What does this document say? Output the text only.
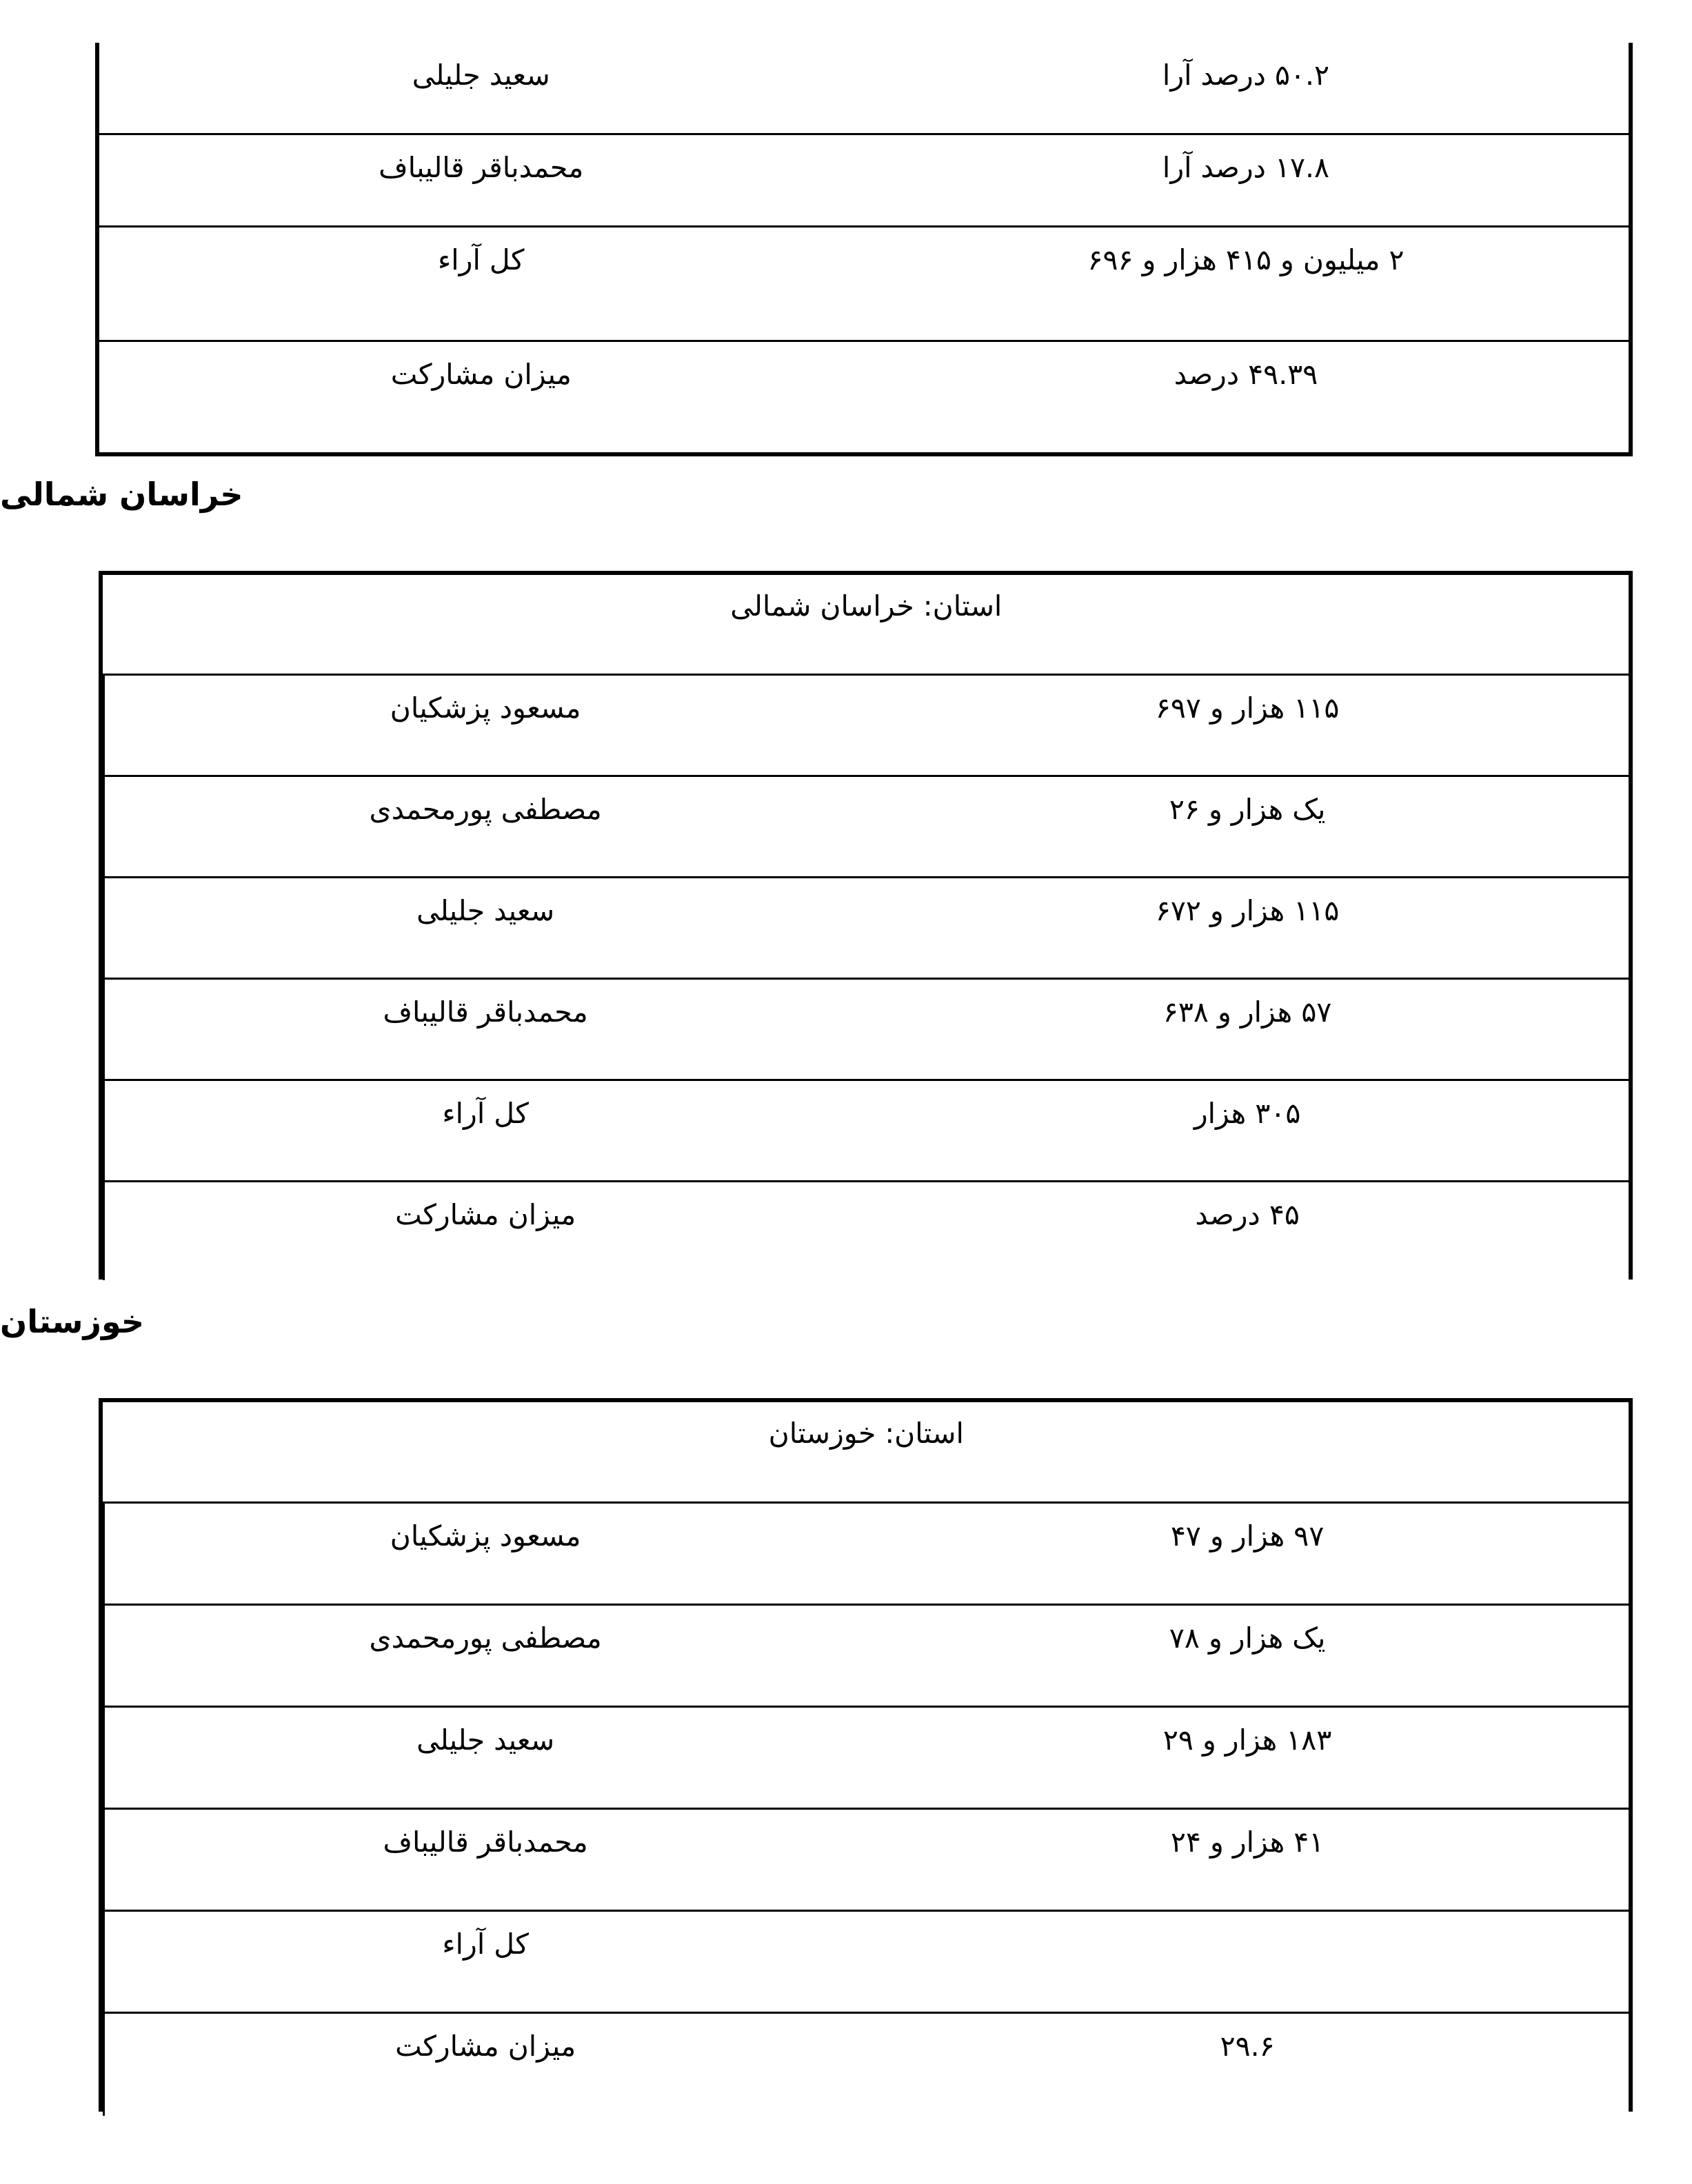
۵۰.۲ درصد آرا	سعید جلیلی
۱۷.۸ درصد آرا	محمدباقر قالیباف
۲ میلیون و ۴۱۵ هزار و ۶۹۶	کل آراء
۴۹.۳۹ درصد	میزان مشارکت
خراسان شمالی
استان: خراسان شمالی	
۱۱۵ هزار و ۶۹۷	مسعود پزشکیان
یک هزار و ۲۶	مصطفی پورمحمدی
۱۱۵ هزار و ۶۷۲	سعید جلیلی
۵۷ هزار و ۶۳۸	محمدباقر قالیباف
۳۰۵ هزار	کل آراء
۴۵ درصد	میزان مشارکت
خوزستان
استان: خوزستان	
۹۷ هزار و ۴۷	مسعود پزشکیان
یک هزار و ۷۸	مصطفی پورمحمدی
۱۸۳ هزار و ۲۹	سعید جلیلی
۴۱ هزار و ۲۴	محمدباقر قالیباف
	کل آراء
۲۹.۶	میزان مشارکت
